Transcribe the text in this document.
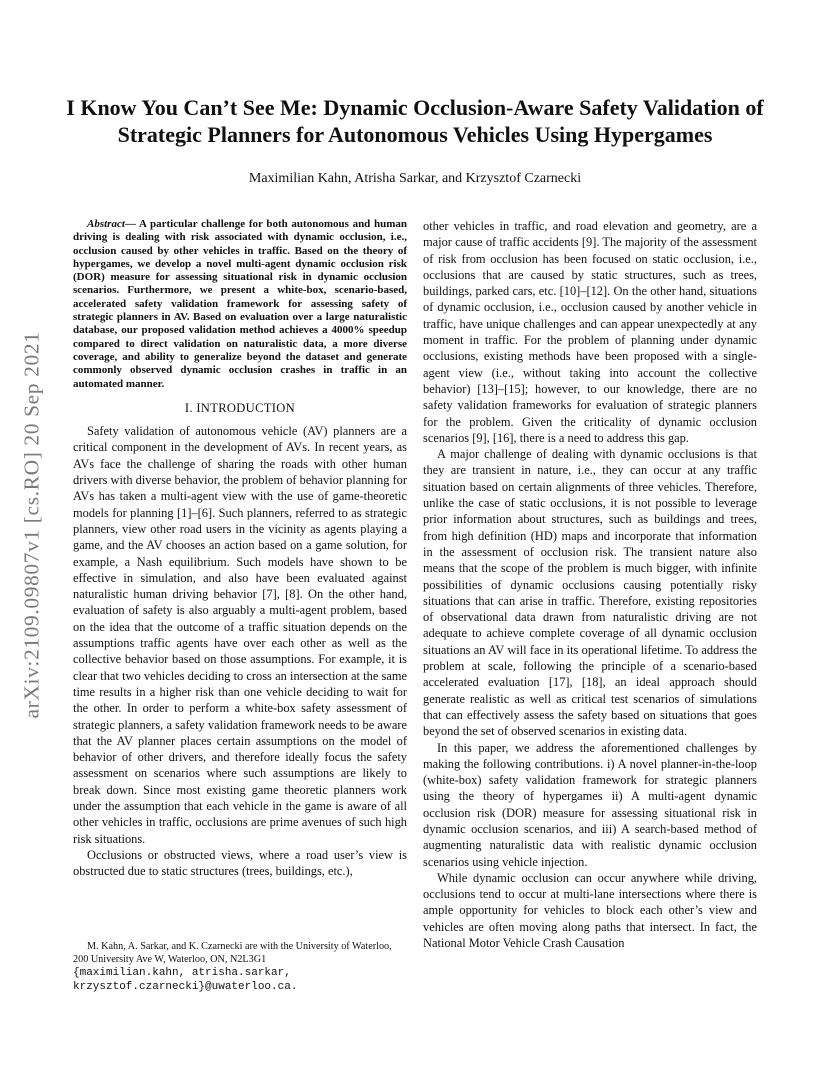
arXiv:2109.09807v1 [cs.RO] 20 Sep 2021
I Know You Can’t See Me: Dynamic Occlusion-Aware Safety Validation of Strategic Planners for Autonomous Vehicles Using Hypergames
Maximilian Kahn, Atrisha Sarkar, and Krzysztof Czarnecki

Abstract— A particular challenge for both autonomous and human driving is dealing with risk associated with dynamic occlusion, i.e., occlusion caused by other vehicles in traffic. Based on the theory of hypergames, we develop a novel multi-agent dynamic occlusion risk (DOR) measure for assessing situational risk in dynamic occlusion scenarios. Furthermore, we present a white-box, scenario-based, accelerated safety validation framework for assessing safety of strategic planners in AV. Based on evaluation over a large naturalistic database, our proposed validation method achieves a 4000% speedup compared to direct validation on naturalistic data, a more diverse coverage, and ability to generalize beyond the dataset and generate commonly observed dynamic occlusion crashes in traffic in an automated manner.

I. INTRODUCTION

Safety validation of autonomous vehicle (AV) planners are a critical component in the development of AVs. In recent years, as AVs face the challenge of sharing the roads with other human drivers with diverse behavior, the problem of behavior planning for AVs has taken a multi-agent view with the use of game-theoretic models for planning [1]–[6]. Such planners, referred to as strategic planners, view other road users in the vicinity as agents playing a game, and the AV chooses an action based on a game solution, for example, a Nash equilibrium. Such models have shown to be effective in simulation, and also have been evaluated against naturalistic human driving behavior [7], [8]. On the other hand, evaluation of safety is also arguably a multi-agent problem, based on the idea that the outcome of a traffic situation depends on the assumptions traffic agents have over each other as well as the collective behavior based on those assumptions. For example, it is clear that two vehicles deciding to cross an intersection at the same time results in a higher risk than one vehicle deciding to wait for the other. In order to perform a white-box safety assessment of strategic planners, a safety validation framework needs to be aware that the AV planner places certain assumptions on the model of behavior of other drivers, and therefore ideally focus the safety assessment on scenarios where such assumptions are likely to break down. Since most existing game theoretic planners work under the assumption that each vehicle in the game is aware of all other vehicles in traffic, occlusions are prime avenues of such high risk situations.

Occlusions or obstructed views, where a road user’s view is obstructed due to static structures (trees, buildings, etc.),

M. Kahn, A. Sarkar, and K. Czarnecki are with the University of Waterloo, 200 University Ave W, Waterloo, ON, N2L3G1

{maximilian.kahn, atrisha.sarkar,

krzysztof.czarnecki}@uwaterloo.ca.

other vehicles in traffic, and road elevation and geometry, are a major cause of traffic accidents [9]. The majority of the assessment of risk from occlusion has been focused on static occlusion, i.e., occlusions that are caused by static structures, such as trees, buildings, parked cars, etc. [10]–[12]. On the other hand, situations of dynamic occlusion, i.e., occlusion caused by another vehicle in traffic, have unique challenges and can appear unexpectedly at any moment in traffic. For the problem of planning under dynamic occlusions, existing methods have been proposed with a single-agent view (i.e., without taking into account the collective behavior) [13]–[15]; however, to our knowledge, there are no safety validation frameworks for evaluation of strategic planners for the problem. Given the criticality of dynamic occlusion scenarios [9], [16], there is a need to address this gap.

A major challenge of dealing with dynamic occlusions is that they are transient in nature, i.e., they can occur at any traffic situation based on certain alignments of three vehicles. Therefore, unlike the case of static occlusions, it is not possible to leverage prior information about structures, such as buildings and trees, from high definition (HD) maps and incorporate that information in the assessment of occlusion risk. The transient nature also means that the scope of the problem is much bigger, with infinite possibilities of dynamic occlusions causing potentially risky situations that can arise in traffic. Therefore, existing repositories of observational data drawn from naturalistic driving are not adequate to achieve complete coverage of all dynamic occlusion situations an AV will face in its operational lifetime. To address the problem at scale, following the principle of a scenario-based accelerated evaluation [17], [18], an ideal approach should generate realistic as well as critical test scenarios of simulations that can effectively assess the safety based on situations that goes beyond the set of observed scenarios in existing data.

In this paper, we address the aforementioned challenges by making the following contributions. i) A novel planner-in-the-loop (white-box) safety validation framework for strategic planners using the theory of hypergames ii) A multi-agent dynamic occlusion risk (DOR) measure for assessing situational risk in dynamic occlusion scenarios, and iii) A search-based method of augmenting naturalistic data with realistic dynamic occlusion scenarios using vehicle injection.

While dynamic occlusion can occur anywhere while driving, occlusions tend to occur at multi-lane intersections where there is ample opportunity for vehicles to block each other’s view and vehicles are often moving along paths that intersect. In fact, the National Motor Vehicle Crash Causation
